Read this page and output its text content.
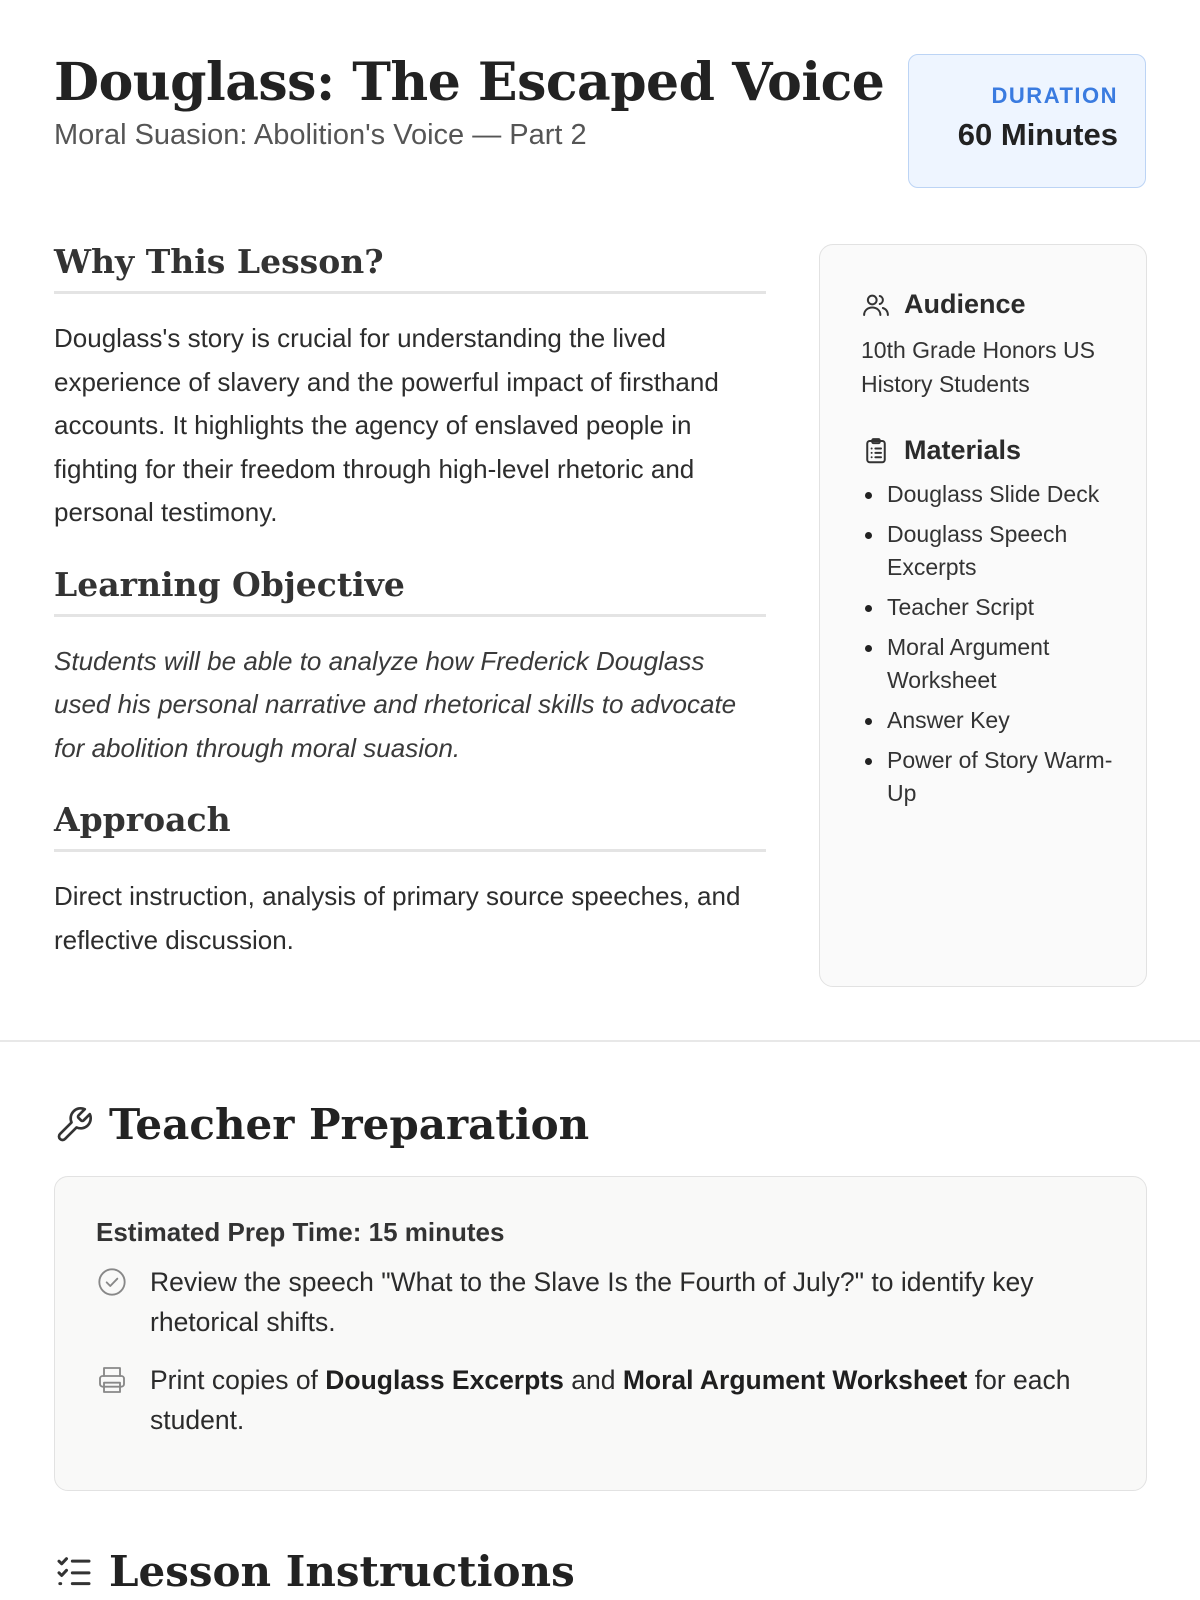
Douglass: The Escaped Voice

Moral Suasion: Abolition's Voice — Part 2

DURATION
60 Minutes
Why This Lesson?

Douglass's story is crucial for understanding the lived experience of slavery and the powerful impact of firsthand accounts. It highlights the agency of enslaved people in fighting for their freedom through high-level rhetoric and personal testimony.

Learning Objective

Students will be able to analyze how Frederick Douglass used his personal narrative and rhetorical skills to advocate for abolition through moral suasion.

Approach

Direct instruction, analysis of primary source speeches, and reflective discussion.

Audience
10th Grade Honors US History Students
Materials
Douglass Slide Deck
Douglass Speech Excerpts
Teacher Script
Moral Argument Worksheet
Answer Key
Power of Story Warm-Up
Teacher Preparation
Estimated Prep Time: 15 minutes
Review the speech "What to the Slave Is the Fourth of July?" to identify key rhetorical shifts.
Print copies of Douglass Excerpts and Moral Argument Worksheet for each student.
Lesson Instructions
